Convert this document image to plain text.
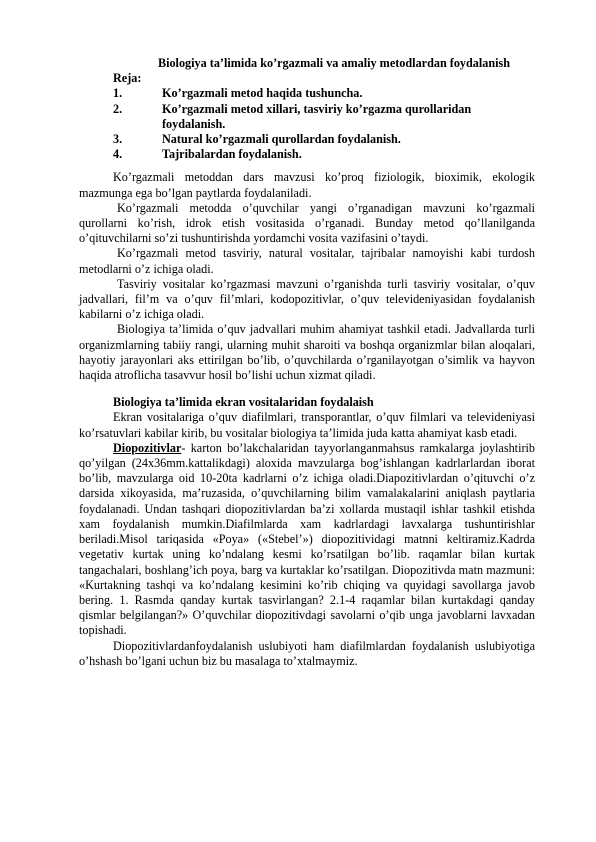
Biologiya ta’limida ko’rgazmali va amaliy metodlardan foydalanish
Reja:
1.	Ko’rgazmali metod haqida tushuncha.
2.	Ko’rgazmali metod xillari, tasviriy ko’rgazma qurollaridan foydalanish.
3.	Natural ko’rgazmali qurollardan foydalanish.
4.	Tajribalardan foydalanish.

Ko’rgazmali metoddan dars mavzusi ko’proq fiziologik, bioximik, ekologik mazmunga ega bo’lgan paytlarda foydalaniladi.

Ko’rgazmali metodda o’quvchilar yangi o’rganadigan mavzuni ko’rgazmali qurollarni ko’rish, idrok etish vositasida o’rganadi. Bunday metod qo’llanilganda o’qituvchilarni so’zi tushuntirishda yordamchi vosita vazifasini o’taydi.

Ko’rgazmali metod tasviriy, natural vositalar, tajribalar namoyishi kabi turdosh metodlarni o’z ichiga oladi.

Tasviriy vositalar ko’rgazmasi mavzuni o’rganishda turli tasviriy vositalar, o’quv jadvallari, fil’m va o’quv fil’mlari, kodopozitivlar, o’quv televideniyasidan foydalanish kabilarni o’z ichiga oladi.

Biologiya ta’limida o’quv jadvallari muhim ahamiyat tashkil etadi. Jadvallarda turli organizmlarning tabiiy rangi, ularning muhit sharoiti va boshqa organizmlar bilan aloqalari, hayotiy jarayonlari aks ettirilgan bo’lib, o’quvchilarda o’rganilayotgan o’simlik va hayvon haqida atroflicha tasavvur hosil bo’lishi uchun xizmat qiladi.

Biologiya ta’limida ekran vositalaridan foydalaish

Ekran vositalariga o’quv diafilmlari, transporantlar, o’quv filmlari va televideniyasi ko’rsatuvlari kabilar kirib, bu vositalar biologiya ta’limida juda katta ahamiyat kasb etadi.

Diopozitivlar- karton bo’lakchalaridan tayyorlanganmahsus ramkalarga joylashtirib qo’yilgan (24x36mm.kattalikdagi) aloxida mavzularga bog’ishlangan kadrlarlardan iborat bo’lib, mavzularga oid 10-20ta kadrlarni o’z ichiga oladi.Diapozitivlardan o’qituvchi o’z darsida xikoyasida, ma’ruzasida, o’quvchilarning bilim vamalakalarini aniqlash paytlaria foydalanadi. Undan tashqari diopozitivlardan ba’zi xollarda mustaqil ishlar tashkil etishda xam foydalanish mumkin.Diafilmlarda xam kadrlardagi lavxalarga tushuntirishlar beriladi.Misol tariqasida «Poya» («Stebel’») diopozitividagi matnni keltiramiz.Kadrda vegetativ kurtak uning ko’ndalang kesmi ko’rsatilgan bo’lib. raqamlar bilan kurtak tangachalari, boshlang’ich poya, barg va kurtaklar ko’rsatilgan. Diopozitivda matn mazmuni: «Kurtakning tashqi va ko’ndalang kesimini ko’rib chiqing va quyidagi savollarga javob bering. 1. Rasmda qanday kurtak tasvirlangan? 2.1-4 raqamlar bilan kurtakdagi qanday qismlar belgilangan?» O’quvchilar diopozitivdagi savolarni o’qib unga javoblarni lavxadan topishadi.

Diopozitivlardanfoydalanish uslubiyoti ham diafilmlardan foydalanish uslubiyotiga o’hshash bo’lgani uchun biz bu masalaga to’xtalmaymiz.
